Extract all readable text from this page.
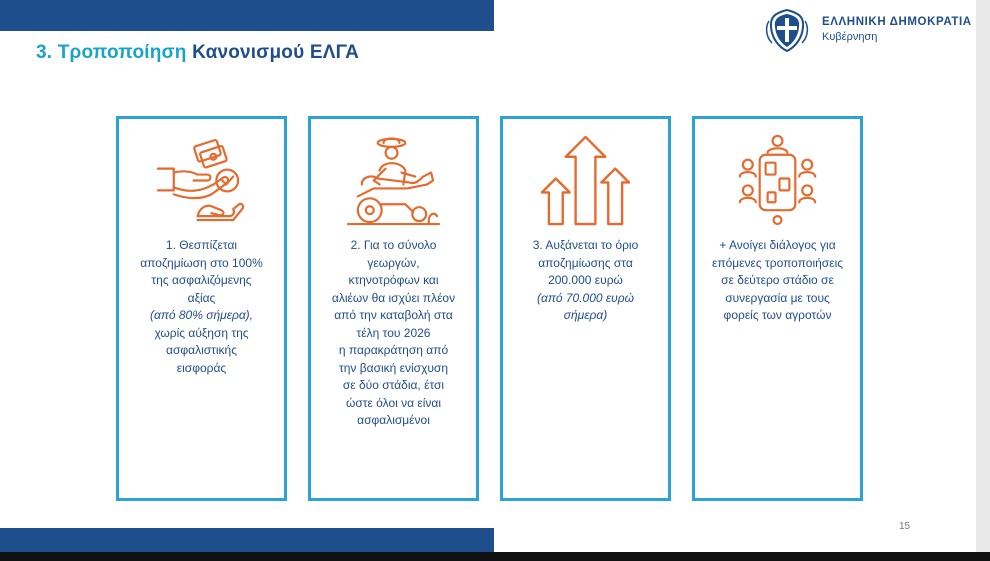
3. Τροποποίηση Κανονισμού ΕΛΓΑ
ΕΛΛΗΝΙΚΗ ΔΗΜΟΚΡΑΤΙΑ
Κυβέρνηση
1. Θεσπίζεται
αποζημίωση στο 100%
της ασφαλιζόμενης
αξίας
(από 80% σήμερα),
χωρίς αύξηση της
ασφαλιστικής
εισφοράς
2. Για το σύνολο
γεωργών,
κτηνοτρόφων και
αλιέων θα ισχύει πλέον
από την καταβολή στα
τέλη του 2026
η παρακράτηση από
την βασική ενίσχυση
σε δύο στάδια, έτσι
ώστε όλοι να είναι
ασφαλισμένοι
3. Αυξάνεται το όριο
αποζημίωσης στα
200.000 ευρώ
(από 70.000 ευρώ
σήμερα)
+ Ανοίγει διάλογος για
επόμενες τροποποιήσεις
σε δεύτερο στάδιο σε
συνεργασία με τους
φορείς των αγροτών
15
